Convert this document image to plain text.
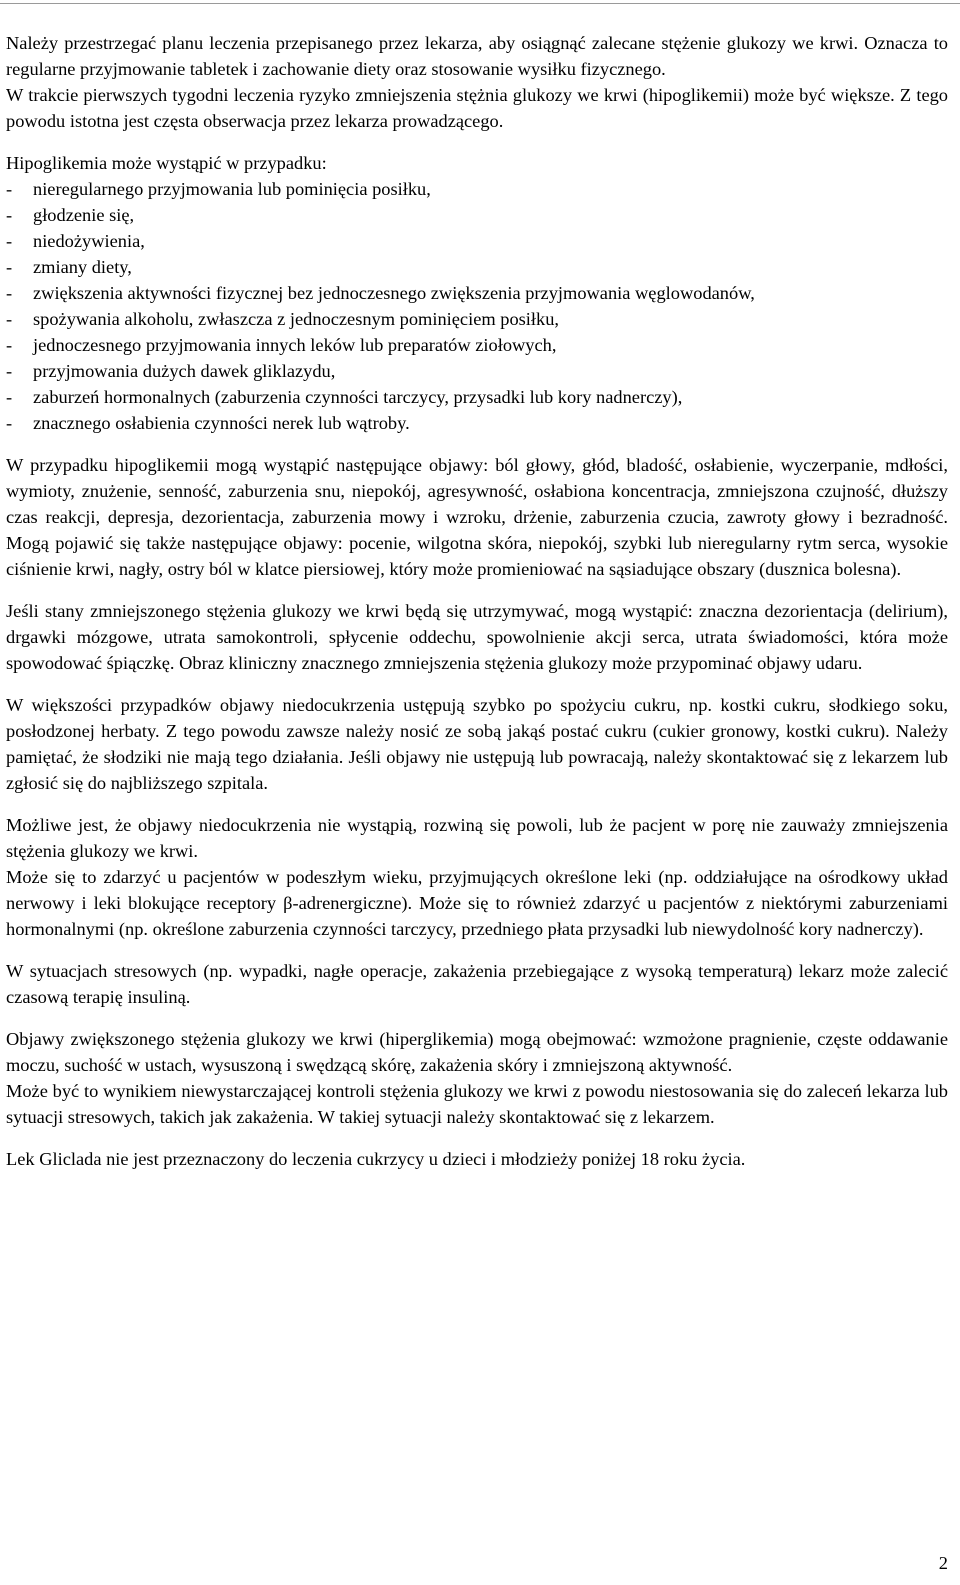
Należy przestrzegać planu leczenia przepisanego przez lekarza, aby osiągnąć zalecane stężenie glukozy we krwi. Oznacza to regularne przyjmowanie tabletek i zachowanie diety oraz stosowanie wysiłku fizycznego.

W trakcie pierwszych tygodni leczenia ryzyko zmniejszenia stężnia glukozy we krwi (hipoglikemii) może być większe. Z tego powodu istotna jest częsta obserwacja przez lekarza prowadzącego.

Hipoglikemia może wystąpić w przypadku:

-	nieregularnego przyjmowania lub pominięcia posiłku,
-	głodzenie się,
-	niedożywienia,
-	zmiany diety,
-	zwiększenia aktywności fizycznej bez jednoczesnego zwiększenia przyjmowania węglowodanów,
-	spożywania alkoholu, zwłaszcza z jednoczesnym pominięciem posiłku,
-	jednoczesnego przyjmowania innych leków lub preparatów ziołowych,
-	przyjmowania dużych dawek gliklazydu,
-	zaburzeń hormonalnych (zaburzenia czynności tarczycy, przysadki lub kory nadnerczy),
-	znacznego osłabienia czynności nerek lub wątroby.

W przypadku hipoglikemii mogą wystąpić następujące objawy: ból głowy, głód, bladość, osłabienie, wyczerpanie, mdłości, wymioty, znużenie, senność, zaburzenia snu, niepokój, agresywność, osłabiona koncentracja, zmniejszona czujność, dłuższy czas reakcji, depresja, dezorientacja, zaburzenia mowy i wzroku, drżenie, zaburzenia czucia, zawroty głowy i bezradność. Mogą pojawić się także następujące objawy: pocenie, wilgotna skóra, niepokój, szybki lub nieregularny rytm serca, wysokie ciśnienie krwi, nagły, ostry ból w klatce piersiowej, który może promieniować na sąsiadujące obszary (dusznica bolesna).

Jeśli stany zmniejszonego stężenia glukozy we krwi będą się utrzymywać, mogą wystąpić: znaczna dezorientacja (delirium), drgawki mózgowe, utrata samokontroli, spłycenie oddechu, spowolnienie akcji serca, utrata świadomości, która może spowodować śpiączkę. Obraz kliniczny znacznego zmniejszenia stężenia glukozy może przypominać objawy udaru.

W większości przypadków objawy niedocukrzenia ustępują szybko po spożyciu cukru, np. kostki cukru, słodkiego soku, posłodzonej herbaty. Z tego powodu zawsze należy nosić ze sobą jakąś postać cukru (cukier gronowy, kostki cukru). Należy pamiętać, że słodziki nie mają tego działania. Jeśli objawy nie ustępują lub powracają, należy skontaktować się z lekarzem lub zgłosić się do najbliższego szpitala.

Możliwe jest, że objawy niedocukrzenia nie wystąpią, rozwiną się powoli, lub że pacjent w porę nie zauważy zmniejszenia stężenia glukozy we krwi.

Może się to zdarzyć u pacjentów w podeszłym wieku, przyjmujących określone leki (np. oddziałujące na ośrodkowy układ nerwowy i leki blokujące receptory β-adrenergiczne). Może się to również zdarzyć u pacjentów z niektórymi zaburzeniami hormonalnymi (np. określone zaburzenia czynności tarczycy, przedniego płata przysadki lub niewydolność kory nadnerczy).

W sytuacjach stresowych (np. wypadki, nagłe operacje, zakażenia przebiegające z wysoką temperaturą) lekarz może zalecić czasową terapię insuliną.

Objawy zwiększonego stężenia glukozy we krwi (hiperglikemia) mogą obejmować: wzmożone pragnienie, częste oddawanie moczu, suchość w ustach, wysuszoną i swędzącą skórę, zakażenia skóry i zmniejszoną aktywność.

Może być to wynikiem niewystarczającej kontroli stężenia glukozy we krwi z powodu niestosowania się do zaleceń lekarza lub sytuacji stresowych, takich jak zakażenia. W takiej sytuacji należy skontaktować się z lekarzem.

Lek Gliclada nie jest przeznaczony do leczenia cukrzycy u dzieci i młodzieży poniżej 18 roku życia.

2
